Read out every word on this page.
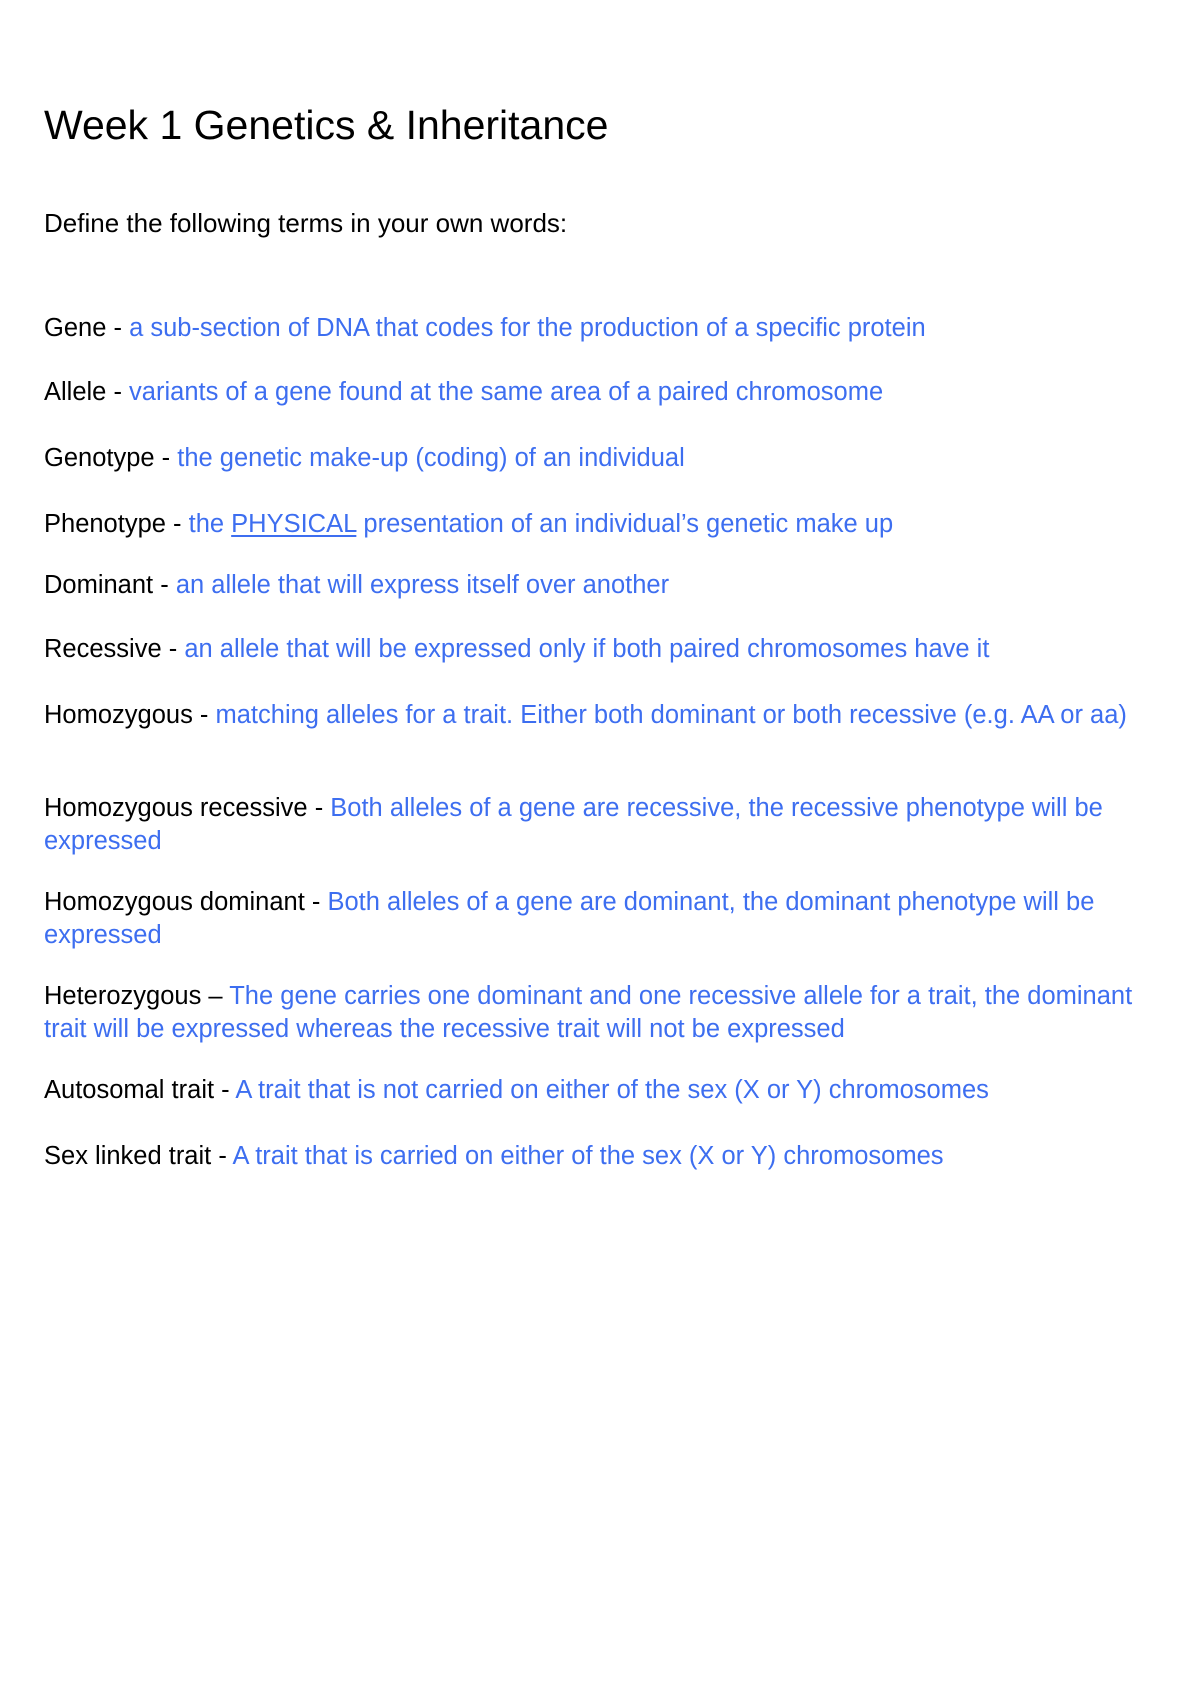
Week 1 Genetics & Inheritance

Define the following terms in your own words:

Gene - a sub-section of DNA that codes for the production of a specific protein

Allele - variants of a gene found at the same area of a paired chromosome

Genotype - the genetic make-up (coding) of an individual

Phenotype - the PHYSICAL presentation of an individual’s genetic make up

Dominant - an allele that will express itself over another

Recessive - an allele that will be expressed only if both paired chromosomes have it

Homozygous - matching alleles for a trait. Either both dominant or both recessive (e.g. AA or aa)

Homozygous recessive - Both alleles of a gene are recessive, the recessive phenotype will be expressed

Homozygous dominant - Both alleles of a gene are dominant, the dominant phenotype will be expressed

Heterozygous – The gene carries one dominant and one recessive allele for a trait, the dominant trait will be expressed whereas the recessive trait will not be expressed

Autosomal trait - A trait that is not carried on either of the sex (X or Y) chromosomes

Sex linked trait - A trait that is carried on either of the sex (X or Y) chromosomes
